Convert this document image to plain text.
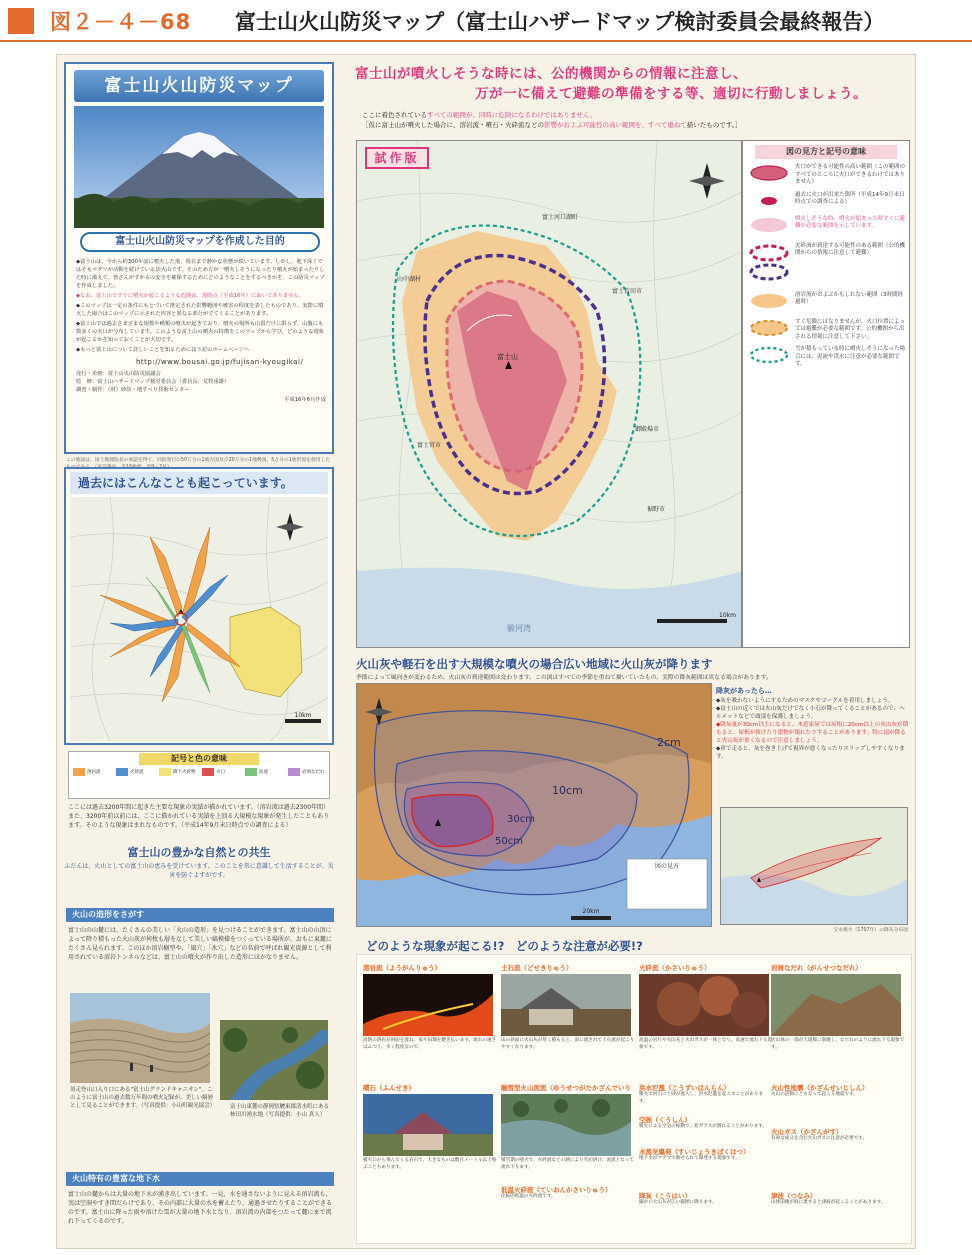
図２－４－68 富士山火山防災マップ（富士山ハザードマップ検討委員会最終報告）
富士山火山防災マップ
富士山火山防災マップを作成した目的

◆富士山は、今から約300年前に噴火した後、現在まで静かな状態が続いています。しかし、地下深くではそもマグマが活動を続けている活火山です。そのため万が一噴火しそうになったり噴火が始まったりした時に備えて、皆さんがすからの安全を確保するためにどのようなことをするべきかを、この防災マップを作成しました。

◆なお、富士山ですぐに噴火が起こるような危険は、現時点（平成16年）においてありません。

◆このマップは一定の条件にもとづいて推定された影響範囲や被害の程度を表したものであり、実際に噴火した場合はこのマップに示された内容と異なる部分がでてくることがあります。

◆富士山では過去さまざまな規模や種類の噴火が起きており、噴火の場所も山頂だけに限らず、山腹にも数多くの火口が分布しています。このような富士山の噴火の特徴をこのマップから学び、どのような現象が起こるかを知っておくことが大切です。

◆もっと富士山について詳しいことを知るためには下記のホームページへ

http://www.bousai.go.jp/fujisan-kyougikai/
発行・企画：富士山火山防災協議会
監　修：富士山ハザードマップ検討委員会（委員長：荒牧重雄）
調査・制作：（財）砂防・地すべり技術センター
平成16年6月作成
この地図は、国土地理院長の承認を得て、同院発行の50万分の1地方図及び20万分の1地勢図、5万分の1地形図を使用した　
過去にはこんなことも起こっています。
10km
記号と色の意味
溶岩流	火砕流	降下火砕物	火口	泥流	岩屑なだれ
ここには過去3200年間に起きた主要な現象の実績が描かれています。（溶岩流は過去2300年間）また、3200年前以前には、ここに描かれている実績を上回る大規模な現象が発生したこともあります。そのような現象はまれなものです。（平成14年9月末日時点での調査による）
富士山の豊かな自然との共生
ふだんは、火山としての富士山の恵みを受けています。このことを常に意識して生活することが、災害を防ぐよすがです。
火山の造形をさがす
富士山の山麓には、たくさんの美しい「火山の造形」を見つけることができます。富士山の山頂によって降り積もった火山灰が何枚も層をなして美しい縞模様をつくっている場所が、おもに東麓にたくさん見られます。このほか溶岩樹型や、「風穴」「氷穴」などの名前で呼ばれ観光資源として利用されている溶岩トンネルなどは、富士山の噴火が作り出した造形にほかなりません。
須走登山口入り口にある"富士山グランドキャニオン"。このように富士山の過去数万年間の噴火記録が、美しい縞層として見ることができます。（写真提供：小山町観光協会）	富士山東麓の静岡県駿東郡清水町にある柿田川湧水地（写真提供：小山 真人）
火山特有の豊富な地下水
富士山の麓からは大量の地下水が湧き出しています。一見、水を通さないように見える溶岩流も、実は空洞やすき間だらけであり、その内部に大量の水を蓄えたり、通過させたりすることができるのです。富士山に降った雨や溶けた雪が大量の地下水となり、溶岩流の内部をつたって麓にまで流れ下ってくるのです。
富士山が噴火しそうな時には、公的機関からの情報に注意し、
万が一に備えて避難の準備をする等、適切に行動しましょう。
ここに着色されているすべての範囲が、同時に危険になるわけではありません。
［仮に富士山が噴火した場合に、溶岩流・噴石・火砕流などの影響がおよぶ可能性の高い範囲を、すべて重ねて描いたものです。］
駿河湾
富士山
富士河口湖町
富士吉田市
富士宮市
御殿場市
裾野市
山中湖村
10km
試作版	図の見方と記号の意味
火口ができる可能性の高い範囲（この範囲のすべてのところに火口ができるわけではありません）
過去に火口が出来た箇所（平成14年9月末日時点での調査による）
噴火しそうな時、噴火が始まった時すぐに避難が必要な範囲を示しています。
火砕流が到達する可能性のある範囲（公的機関からの情報に注意して避難）
溶岩流がおよぶかもしれない範囲（3時間経過時）
すぐ危険にはなりませんが、火口位置によっては避難が必要な範囲です。公的機関から出される情報に注意して下さい。
雪が積もっている時に噴火しそうになった場合には、泥流や洪水に注意が必要な範囲です。
火山灰や軽石を出す大規模な噴火の場合広い地域に火山灰が降ります
季節によって風向きが変わるため、火山灰の到達範囲は変わります。この図はすべての季節を重ねて描いていたもの、実際の降灰範囲は異なる場合があります。
2cm
10cm
30cm
50cm
図の見方
20km
降灰があったら…
◆灰を吸わないようにするためのマスクやゴーグルを着用しましょう。
◆富士山の近くでは火山灰だけでなく小石が降ってくることがあるので、ヘルメットなどで頭部を保護しましょう。
◆降灰量が30cm以上になると、木造家屋では屋根に20cm以上の火山灰が積もると、屋根が抜けたり建物が壊れたりすることがあります。特に雨が降ると火山灰が重くなるので注意しましょう。
◆車で走ると、灰を巻き上げて視界が悪くなったりスリップしやすくなります。
宝永噴火（1707年）の降灰分布図
どのような現象が起こる!?　どのような注意が必要!?
溶岩流（ようがんりゅう）
高熱の溶岩が斜面を流れ、家や田畑を焼き払います。流れの速さはふつう、歩く程度なので、
土石流（どせきりゅう）
山の斜面に火山灰が厚く積もると、雨に流されて土石流が起こりやすくなります。
火砕流（かさいりゅう）
高温の岩片や火山灰と火山ガスが一体となり、高速で流れ下る現象です。
岩屑なだれ（がんせつなだれ）
火山体の一部が大規模に崩壊し、なだれのように流れ下る現象です。
噴石（ふんせき）
噴火口から飛んでくる岩石で、大きなものは数百メートル以上飛ぶこともあります。
融雪型火山泥流（ゆうせつがたかざんでいり
積雪期の噴火で、火砕流などの熱により雪が溶け、泥流となって流れ下ります。
洪水氾濫（こうずいはんらん）
噴火で河川に土砂が流入し、洪水氾濫を起こすことがあります。
空振（くうしん）
噴火による空気の振動で、窓ガラスが割れることがあります。
水蒸気爆発（すいじょうきばくはつ）
地下水がマグマで熱せられて爆発する現象です。
火山性地震（かざんせいじしん）
火山の活動にともなって起こる地震です。
火山ガス（かざんがす）
有毒な成分を含む火山ガスに注意が必要です。
低温火砕流（ていおんかさいりゅう）
比較的低温の火砕流です。	降灰（こうはい）
細かい火山灰が広い範囲に降ります。
津波（つなみ）
山体崩壊が海に達すると津波が起こることがあります。
